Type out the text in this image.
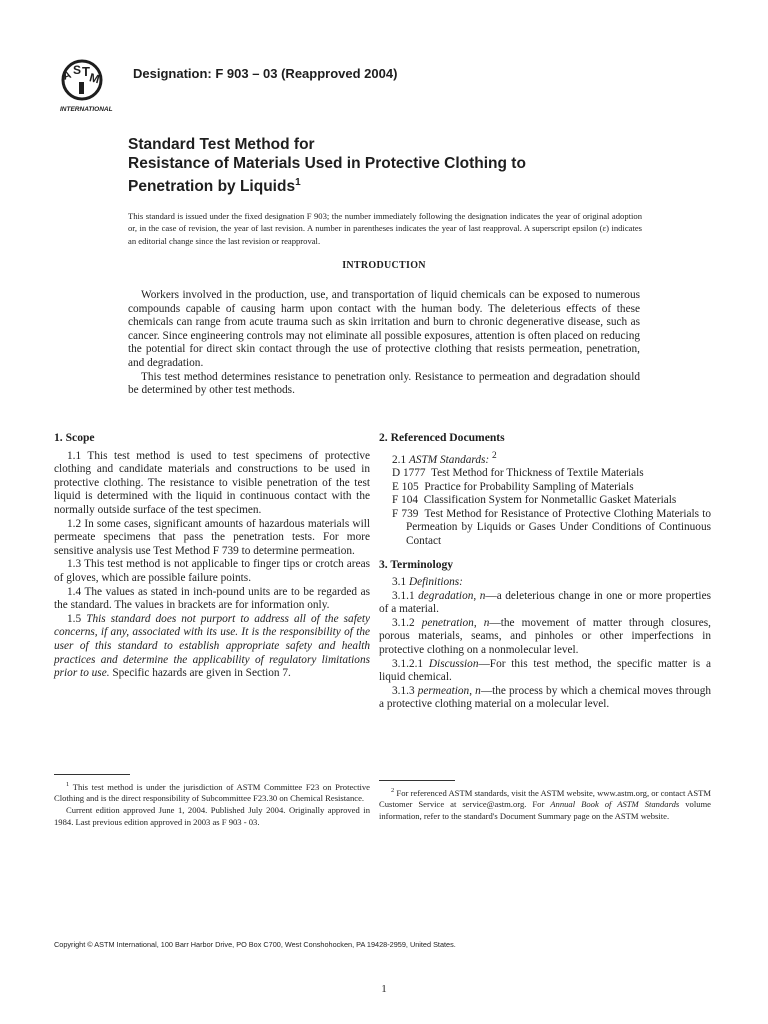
A S T
M
INTERNATIONAL
Designation: F 903 – 03 (Reapproved 2004)
Standard Test Method for
Resistance of Materials Used in Protective Clothing to
Penetration by Liquids$^1$
This standard is issued under the fixed designation F 903; the number immediately following the designation indicates the year of original adoption or, in the case of revision, the year of last revision. A number in parentheses indicates the year of last reapproval. A superscript epsilon (ε) indicates an editorial change since the last revision or reapproval.
INTRODUCTION

Workers involved in the production, use, and transportation of liquid chemicals can be exposed to numerous compounds capable of causing harm upon contact with the human body. The deleterious effects of these chemicals can range from acute trauma such as skin irritation and burn to chronic degenerative disease, such as cancer. Since engineering controls may not eliminate all possible exposures, attention is often placed on reducing the potential for direct skin contact through the use of protective clothing that resists permeation, penetration, and degradation.

This test method determines resistance to penetration only. Resistance to permeation and degradation should be determined by other test methods.

1. Scope

1.1 This test method is used to test specimens of protective clothing and candidate materials and constructions to be used in protective clothing. The resistance to visible penetration of the test liquid is determined with the liquid in continuous contact with the normally outside surface of the test specimen.

1.2 In some cases, significant amounts of hazardous materials will permeate specimens that pass the penetration tests. For more sensitive analysis use Test Method F 739 to determine permeation.

1.3 This test method is not applicable to finger tips or crotch areas of gloves, which are possible failure points.

1.4 The values as stated in inch-pound units are to be regarded as the standard. The values in brackets are for information only.

1.5 This standard does not purport to address all of the safety concerns, if any, associated with its use. It is the responsibility of the user of this standard to establish appropriate safety and health practices and determine the applicability of regulatory limitations prior to use. Specific hazards are given in Section 7.

2. Referenced Documents

2.1 ASTM Standards: $^2$

D 1777 Test Method for Thickness of Textile Materials

E 105 Practice for Probability Sampling of Materials

F 104 Classification System for Nonmetallic Gasket Materials

F 739 Test Method for Resistance of Protective Clothing Materials to Permeation by Liquids or Gases Under Conditions of Continuous Contact

3. Terminology

3.1 Definitions:

3.1.1 degradation, n—a deleterious change in one or more properties of a material.

3.1.2 penetration, n—the movement of matter through closures, porous materials, seams, and pinholes or other imperfections in protective clothing on a nonmolecular level.

3.1.2.1 Discussion—For this test method, the specific matter is a liquid chemical.

3.1.3 permeation, n—the process by which a chemical moves through a protective clothing material on a molecular level.

$^1$ This test method is under the jurisdiction of ASTM Committee F23 on Protective Clothing and is the direct responsibility of Subcommittee F23.30 on Chemical Resistance.

Current edition approved June 1, 2004. Published July 2004. Originally approved in 1984. Last previous edition approved in 2003 as F 903 - 03.

$^2$ For referenced ASTM standards, visit the ASTM website, www.astm.org, or contact ASTM Customer Service at service@astm.org. For Annual Book of ASTM Standards volume information, refer to the standard's Document Summary page on the ASTM website.

Copyright © ASTM International, 100 Barr Harbor Drive, PO Box C700, West Conshohocken, PA 19428-2959, United States.
1
